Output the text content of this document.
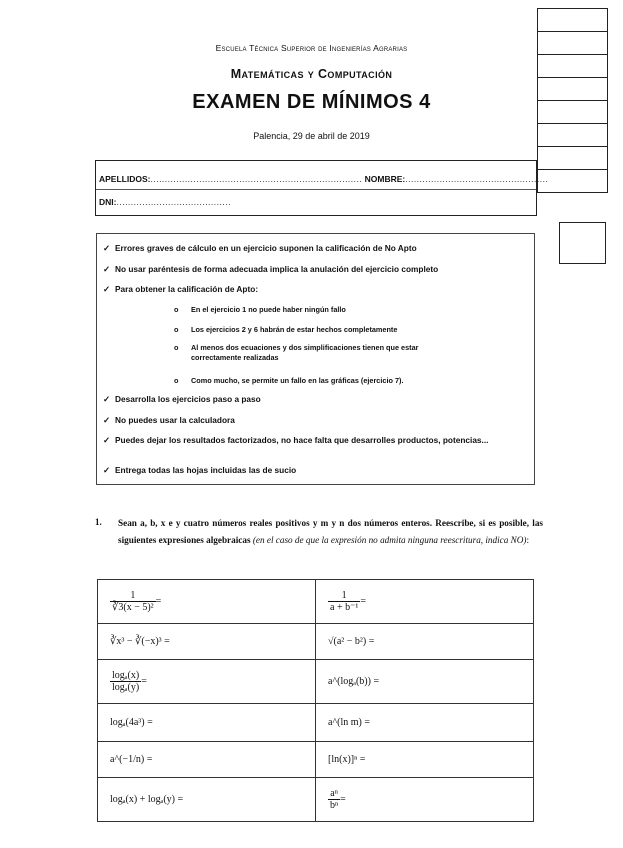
Escuela Técnica Superior de Ingenierías Agrarias
Matemáticas y Computación
EXAMEN DE MÍNIMOS 4
Palencia, 29 de abril de 2019
APELLIDOS:.......................................................................... NOMBRE:..................................................
DNI:........................................
✓ Errores graves de cálculo en un ejercicio suponen la calificación de No Apto
✓ No usar paréntesis de forma adecuada implica la anulación del ejercicio completo
✓ Para obtener la calificación de Apto:
o En el ejercicio 1 no puede haber ningún fallo
o Los ejercicios 2 y 6 habrán de estar hechos completamente
o Al menos dos ecuaciones y dos simplificaciones tienen que estar correctamente realizadas
o Como mucho, se permite un fallo en las gráficas (ejercicio 7).
✓ Desarrolla los ejercicios paso a paso
✓ No puedes usar la calculadora
✓ Puedes dejar los resultados factorizados, no hace falta que desarrolles productos, potencias...
✓ Entrega todas las hojas incluidas las de sucio
1. Sean a, b, x e y cuatro números reales positivos y m y n dos números enteros. Reescribe, si es posible, las siguientes expresiones algebraicas (en el caso de que la expresión no admita ninguna reescritura, indica NO):
$\frac{1}{\text{∛3(x − 5)²}}$ =	$\frac{1}{\text{a + b⁻¹}}$ =
∛x³ − ∛(−x)³ =	√(a² − b²) =

$\frac{\text{logₐ(x)}}{\text{logₐ(y)}}$ =	a^(logₐ(b)) =
logₐ(4a³) =	a^(ln m) =
a^(−1/n) =	[ln(x)]ⁿ =
logₐ(x) + logₐ(y) =	$\frac{\text{aⁿ}}{\text{bⁿ}}$ =
